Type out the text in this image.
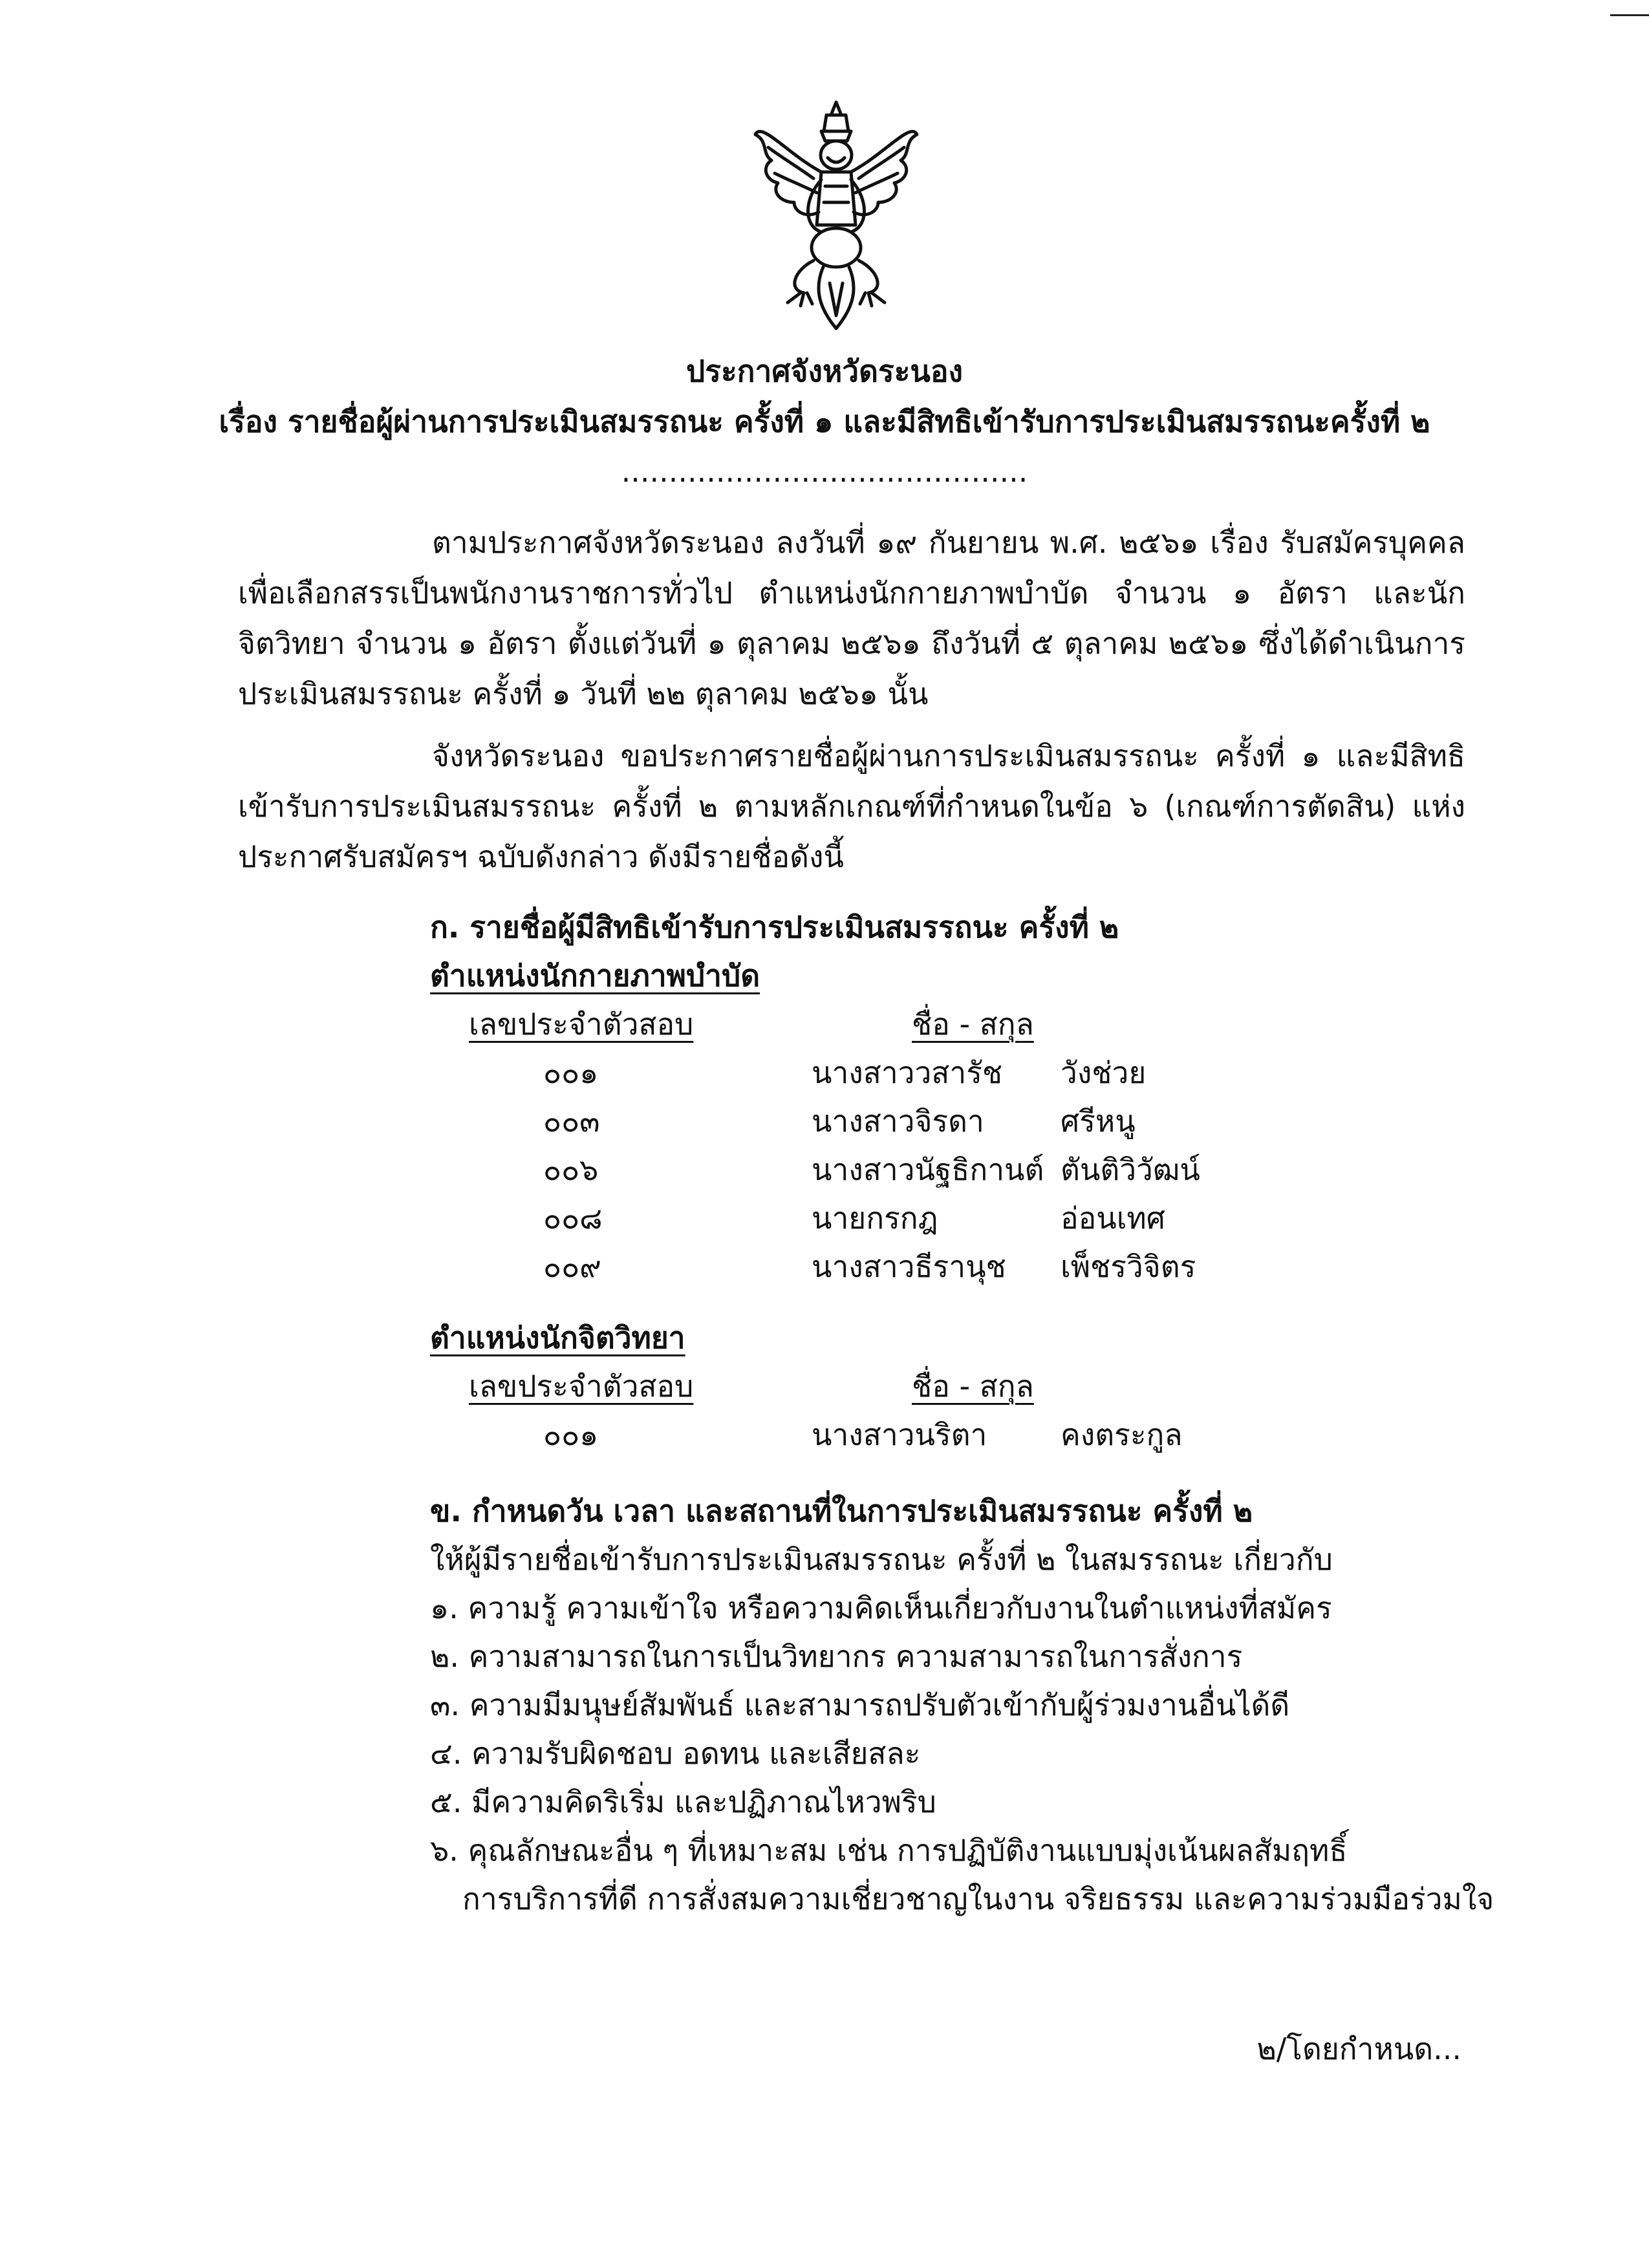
ประกาศจังหวัดระนอง
เรื่อง รายชื่อผู้ผ่านการประเมินสมรรถนะ ครั้งที่ ๑ และมีสิทธิเข้ารับการประเมินสมรรถนะครั้งที่ ๒
...........................................
ตามประกาศจังหวัดระนอง ลงวันที่ ๑๙ กันยายน พ.ศ. ๒๕๖๑ เรื่อง รับสมัครบุคคลเพื่อเลือกสรรเป็นพนักงานราชการทั่วไป ตำแหน่งนักกายภาพบำบัด จำนวน ๑ อัตรา และนักจิตวิทยา จำนวน ๑ อัตรา ตั้งแต่วันที่ ๑ ตุลาคม ๒๕๖๑ ถึงวันที่ ๕ ตุลาคม ๒๕๖๑ ซึ่งได้ดำเนินการประเมินสมรรถนะ ครั้งที่ ๑ วันที่ ๒๒ ตุลาคม ๒๕๖๑ นั้น
จังหวัดระนอง ขอประกาศรายชื่อผู้ผ่านการประเมินสมรรถนะ ครั้งที่ ๑ และมีสิทธิเข้ารับการประเมินสมรรถนะ ครั้งที่ ๒ ตามหลักเกณฑ์ที่กำหนดในข้อ ๖ (เกณฑ์การตัดสิน) แห่งประกาศรับสมัครฯ ฉบับดังกล่าว ดังมีรายชื่อดังนี้
ก. รายชื่อผู้มีสิทธิเข้ารับการประเมินสมรรถนะ ครั้งที่ ๒
ตำแหน่งนักกายภาพบำบัด
เลขประจำตัวสอบ	ชื่อ - สกุล
๐๐๑	นางสาววสารัช วังช่วย
๐๐๓	นางสาวจิรดา	ศรีหนู
๐๐๖	นางสาวนัฐธิกานต์ ตันติวิวัฒน์
๐๐๘	นายกรกฎ	อ่อนเทศ
๐๐๙	นางสาวธีรานุช เพ็ชรวิจิตร
ตำแหน่งนักจิตวิทยา
เลขประจำตัวสอบ	ชื่อ - สกุล
๐๐๑	นางสาวนริตา คงตระกูล
ข. กำหนดวัน เวลา และสถานที่ในการประเมินสมรรถนะ ครั้งที่ ๒
ให้ผู้มีรายชื่อเข้ารับการประเมินสมรรถนะ ครั้งที่ ๒ ในสมรรถนะ เกี่ยวกับ
๑. ความรู้ ความเข้าใจ หรือความคิดเห็นเกี่ยวกับงานในตำแหน่งที่สมัคร
๒. ความสามารถในการเป็นวิทยากร ความสามารถในการสั่งการ
๓. ความมีมนุษย์สัมพันธ์ และสามารถปรับตัวเข้ากับผู้ร่วมงานอื่นได้ดี
๔. ความรับผิดชอบ อดทน และเสียสละ
๕. มีความคิดริเริ่ม และปฏิภาณไหวพริบ
๖. คุณลักษณะอื่น ๆ ที่เหมาะสม เช่น การปฏิบัติงานแบบมุ่งเน้นผลสัมฤทธิ์
การบริการที่ดี การสั่งสมความเชี่ยวชาญในงาน จริยธรรม และความร่วมมือร่วมใจ
๒/โดยกำหนด...
